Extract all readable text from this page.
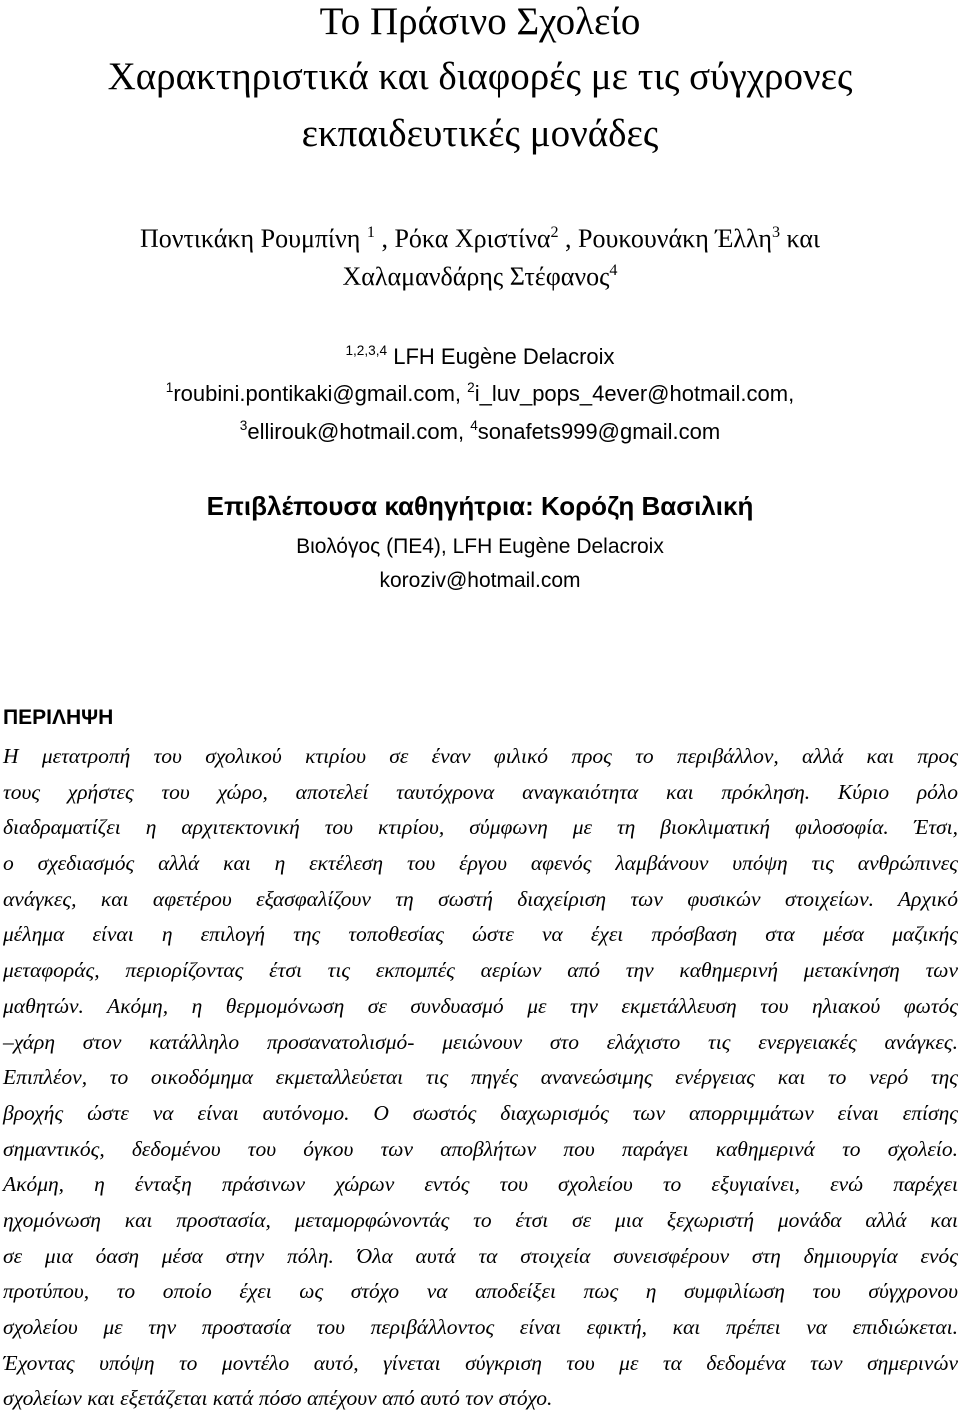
Το Πράσινο Σχολείο
Χαρακτηριστικά και διαφορές με τις σύγχρονες
εκπαιδευτικές μονάδες
Ποντικάκη Ρουμπίνη $^1$ , Ρόκα Χριστίνα$^2$ , Ρουκουνάκη Έλλη$^3$ και
Χαλαμανδάρης Στέφανος$^4$
$^{1,2,3,4}$ LFH Eugène Delacroix
$^1$roubini.pontikaki@gmail.com, $^2$i_luv_pops_4ever@hotmail.com,
$^3$ellirouk@hotmail.com, $^4$sonafets999@gmail.com
Επιβλέπουσα καθηγήτρια: Κορόζη Βασιλική
Βιολόγος (ΠΕ4), LFH Eugène Delacroix
koroziv@hotmail.com
ΠΕΡΙΛΗΨΗ
Η μετατροπή του σχολικού κτιρίου σε έναν φιλικό προς το περιβάλλον, αλλά και προς
τους χρήστες του χώρο, αποτελεί ταυτόχρονα αναγκαιότητα και πρόκληση. Κύριο ρόλο
διαδραματίζει η αρχιτεκτονική του κτιρίου, σύμφωνη με τη βιοκλιματική φιλοσοφία. Έτσι,
ο σχεδιασμός αλλά και η εκτέλεση του έργου αφενός λαμβάνουν υπόψη τις ανθρώπινες
ανάγκες, και αφετέρου εξασφαλίζουν τη σωστή διαχείριση των φυσικών στοιχείων. Αρχικό
μέλημα είναι η επιλογή της τοποθεσίας ώστε να έχει πρόσβαση στα μέσα μαζικής
μεταφοράς, περιορίζοντας έτσι τις εκπομπές αερίων από την καθημερινή μετακίνηση των
μαθητών. Ακόμη, η θερμομόνωση σε συνδυασμό με την εκμετάλλευση του ηλιακού φωτός
–χάρη στον κατάλληλο προσανατολισμό- μειώνουν στο ελάχιστο τις ενεργειακές ανάγκες.
Επιπλέον, το οικοδόμημα εκμεταλλεύεται τις πηγές ανανεώσιμης ενέργειας και το νερό της
βροχής ώστε να είναι αυτόνομο. Ο σωστός διαχωρισμός των απορριμμάτων είναι επίσης
σημαντικός, δεδομένου του όγκου των αποβλήτων που παράγει καθημερινά το σχολείο.
Ακόμη, η ένταξη πράσινων χώρων εντός του σχολείου το εξυγιαίνει, ενώ παρέχει
ηχομόνωση και προστασία, μεταμορφώνοντάς το έτσι σε μια ξεχωριστή μονάδα αλλά και
σε μια όαση μέσα στην πόλη. Όλα αυτά τα στοιχεία συνεισφέρουν στη δημιουργία ενός
προτύπου, το οποίο έχει ως στόχο να αποδείξει πως η συμφιλίωση του σύγχρονου
σχολείου με την προστασία του περιβάλλοντος είναι εφικτή, και πρέπει να επιδιώκεται.
Έχοντας υπόψη το μοντέλο αυτό, γίνεται σύγκριση του με τα δεδομένα των σημερινών
σχολείων και εξετάζεται κατά πόσο απέχουν από αυτό τον στόχο.
